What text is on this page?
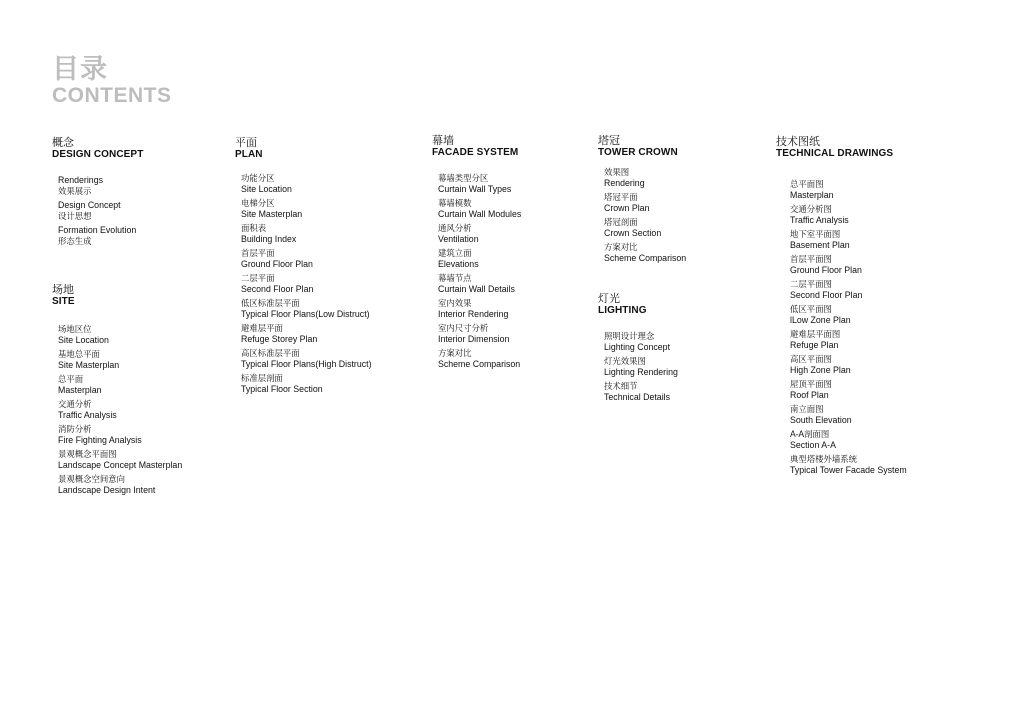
目录
CONTENTS
概念
DESIGN CONCEPT
Renderings
效果展示
Design Concept
设计思想
Formation Evolution
形态生成
场地
SITE
场地区位
Site Location
基地总平面
Site Masterplan
总平面
Masterplan
交通分析
Traffic Analysis
消防分析
Fire Fighting Analysis
景观概念平面图
Landscape Concept Masterplan
景观概念空间意向
Landscape Design Intent
平面
PLAN
功能分区
Site Location
电梯分区
Site Masterplan
面积表
Building Index
首层平面
Ground Floor Plan
二层平面
Second Floor Plan
低区标准层平面
Typical Floor Plans(Low Distruct)
避难层平面
Refuge Storey Plan
高区标准层平面
Typical Floor Plans(High Distruct)
标准层剖面
Typical Floor Section
幕墙
FACADE SYSTEM
幕墙类型分区
Curtain Wall Types
幕墙模数
Curtain Wall Modules
通风分析
Ventilation
建筑立面
Elevations
幕墙节点
Curtain Wall Details
室内效果
Interior Rendering
室内尺寸分析
Interior Dimension
方案对比
Scheme Comparison
塔冠
TOWER CROWN
效果图
Rendering
塔冠平面
Crown Plan
塔冠剖面
Crown Section
方案对比
Scheme Comparison
灯光
LIGHTING
照明设计理念
Lighting Concept
灯光效果图
Lighting Rendering
技术细节
Technical Details
技术图纸
TECHNICAL DRAWINGS
总平面图
Masterplan
交通分析图
Traffic Analysis
地下室平面图
Basement Plan
首层平面图
Ground Floor Plan
二层平面图
Second Floor Plan
低区平面图
lLow Zone Plan
避难层平面图
Refuge Plan
高区平面图
High Zone Plan
屋顶平面图
Roof Plan
南立面图
South Elevation
A-A剖面图
Section A-A
典型塔楼外墙系统
Typical Tower Facade System
